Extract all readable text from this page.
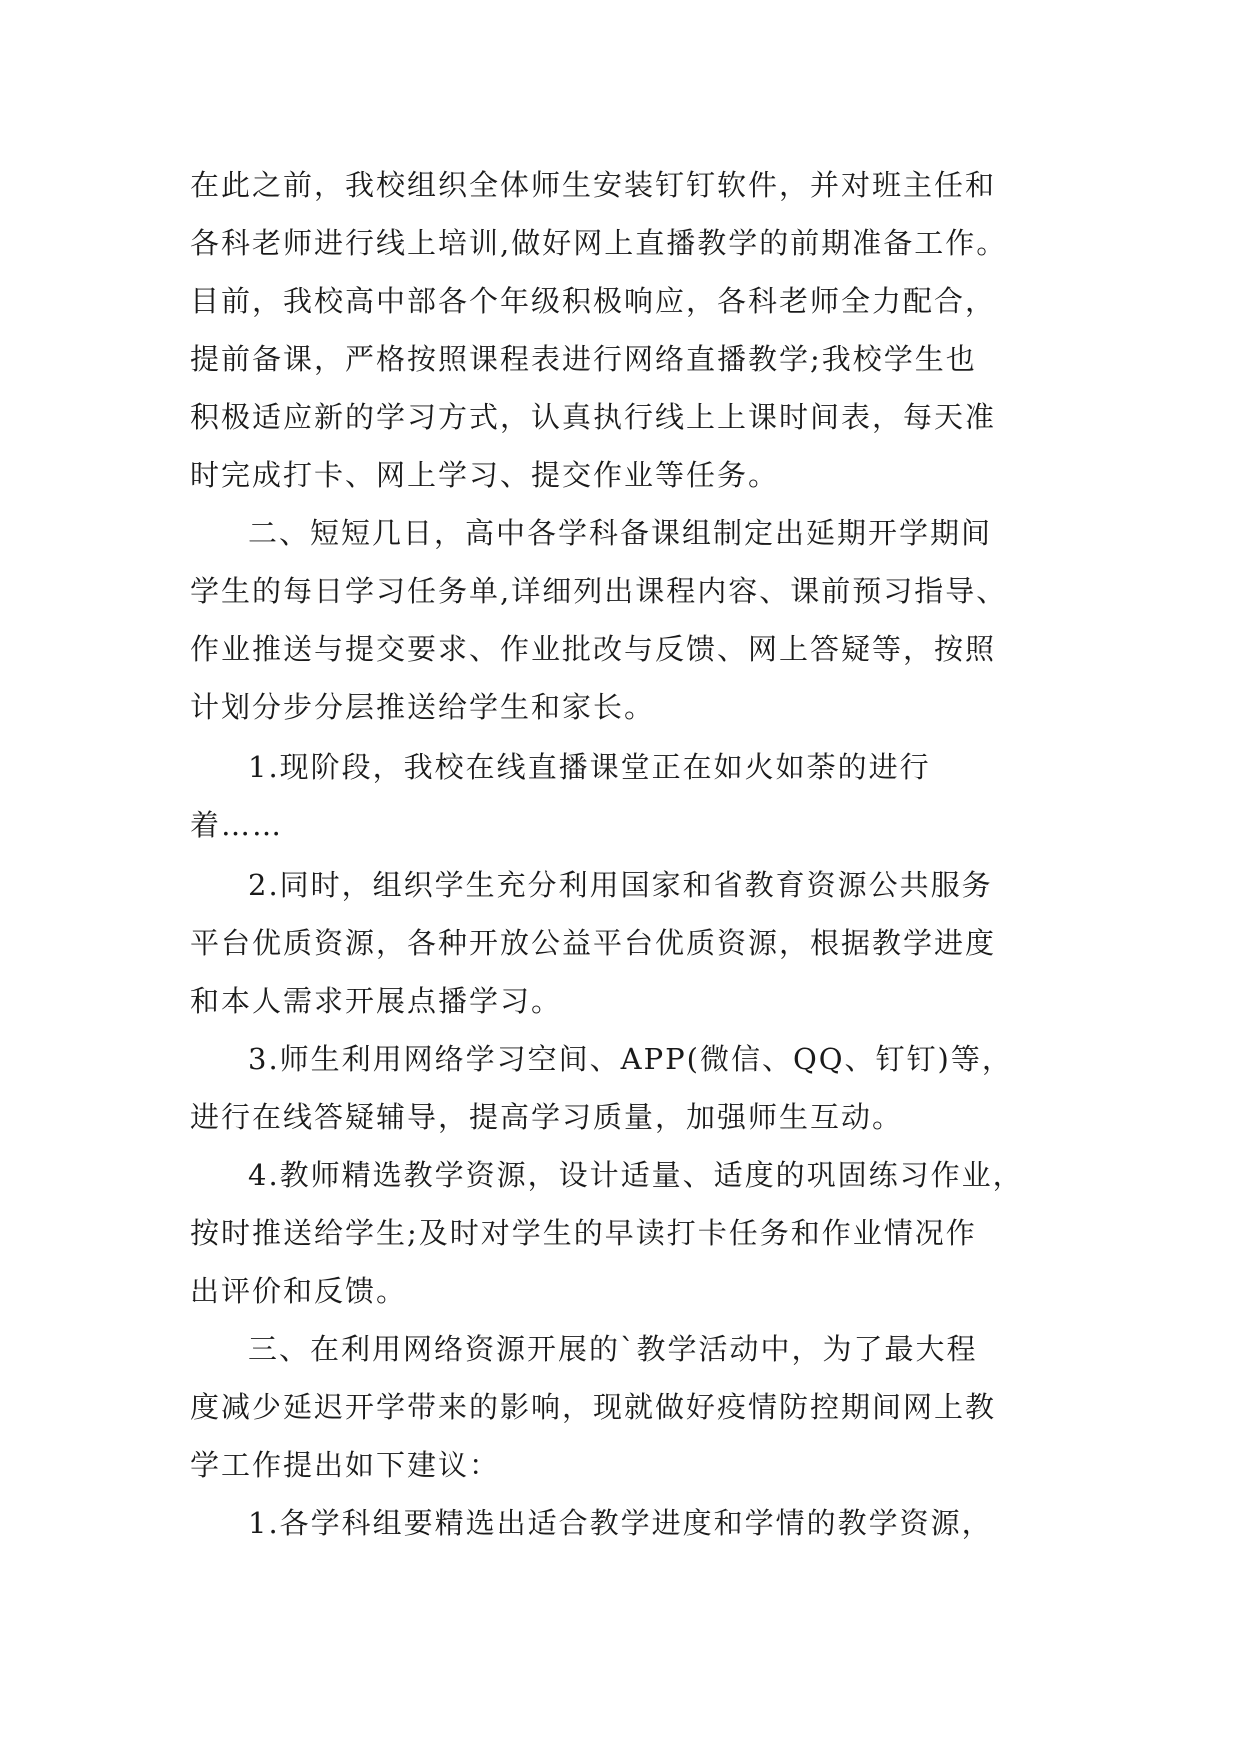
在此之前，我校组织全体师生安装钉钉软件，并对班主任和
各科老师进行线上培训,做好网上直播教学的前期准备工作。
目前，我校高中部各个年级积极响应，各科老师全力配合，
提前备课，严格按照课程表进行网络直播教学;我校学生也
积极适应新的学习方式，认真执行线上上课时间表，每天准
时完成打卡、网上学习、提交作业等任务。
二、短短几日，高中各学科备课组制定出延期开学期间
学生的每日学习任务单,详细列出课程内容、课前预习指导、
作业推送与提交要求、作业批改与反馈、网上答疑等，按照
计划分步分层推送给学生和家长。
1.现阶段，我校在线直播课堂正在如火如荼的进行
着……
2.同时，组织学生充分利用国家和省教育资源公共服务
平台优质资源，各种开放公益平台优质资源，根据教学进度
和本人需求开展点播学习。
3.师生利用网络学习空间、APP(微信、QQ、钉钉)等，
进行在线答疑辅导，提高学习质量，加强师生互动。
4.教师精选教学资源，设计适量、适度的巩固练习作业，
按时推送给学生;及时对学生的早读打卡任务和作业情况作
出评价和反馈。
三、在利用网络资源开展的`教学活动中，为了最大程
度减少延迟开学带来的影响，现就做好疫情防控期间网上教
学工作提出如下建议：
1.各学科组要精选出适合教学进度和学情的教学资源，
